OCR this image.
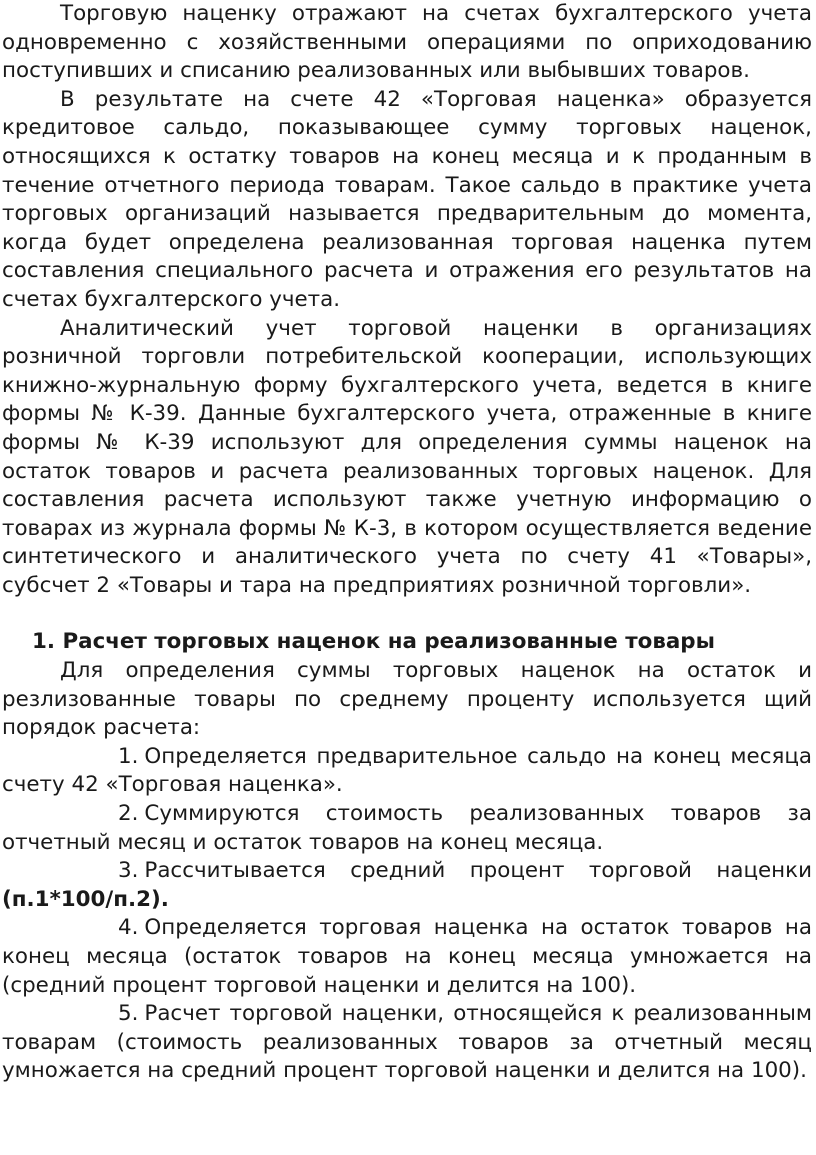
Торговую наценку отражают на счетах бухгалтерского учета одновременно с хозяйственными операциями по оприходованию поступивших и списанию реализованных или выбывших товаров.

В результате на счете 42 «Торговая наценка» образуется кредитовое сальдо, показывающее сумму торговых наценок, относящихся к остатку товаров на конец месяца и к проданным в течение отчетного периода товарам. Такое сальдо в практике учета торговых организаций называется предварительным до момента, когда будет определена реализованная торговая наценка путем составления специального расчета и отражения его результатов на счетах бухгалтерского учета.

Аналитический учет торговой наценки в организациях розничной торговли потребительской кооперации, использующих книжно-журнальную форму бухгалтерского учета, ведется в книге формы № К-39. Данные бухгалтерского учета, отраженные в книге формы № К-39 используют для определения суммы наценок на остаток товаров и расчета реализованных торговых наценок. Для составления расчета используют также учетную информацию о товарах из журнала формы № К-3, в котором осуществляется ведение синтетического и аналитического учета по счету 41 «Товары», субсчет 2 «Товары и тара на предприятиях розничной торговли».

1. Расчет торговых наценок на реализованные товары

Для определения суммы торговых наценок на остаток и резлизованные товары по среднему проценту используется щий порядок расчета:

1. Определяется предварительное сальдо на конец месяца счету 42 «Торговая наценка».

2. Суммируются стоимость реализованных товаров за отчетный месяц и остаток товаров на конец месяца.

3. Рассчитывается средний процент торговой наценки (п.1*100/п.2).

4. Определяется торговая наценка на остаток товаров на конец месяца (остаток товаров на конец месяца умножается на (средний процент торговой наценки и делится на 100).

5. Расчет торговой наценки, относящейся к реализованным товарам (стоимость реализованных товаров за отчетный месяц умножается на средний процент торговой наценки и делится на 100).
